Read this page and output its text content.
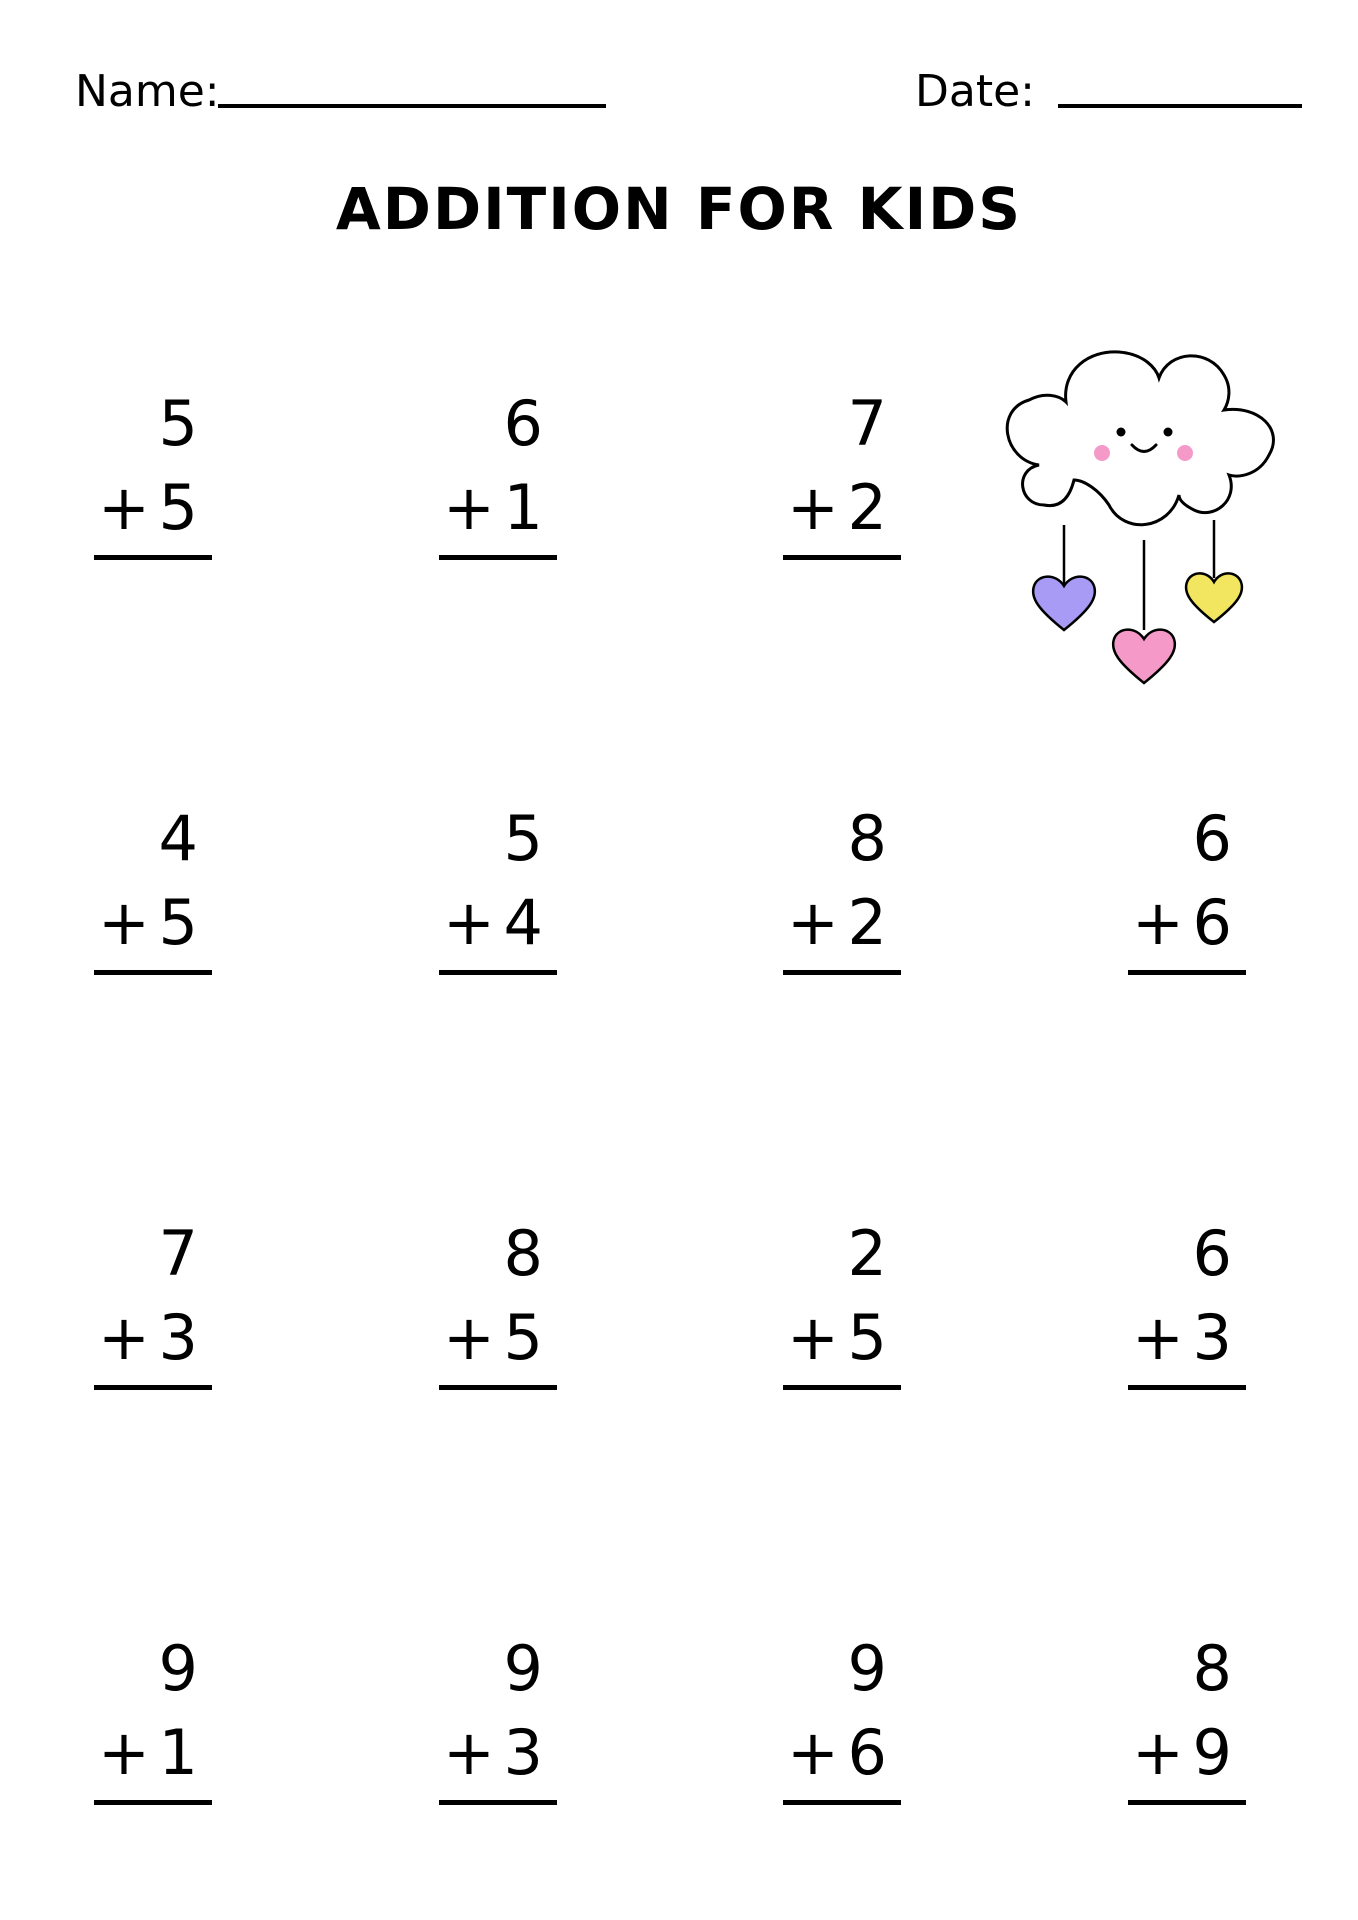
Name:	Date:
ADDITION FOR KIDS
5
+ 5
6
+ 1
7
+ 2
4
+ 5
5
+ 4
8
+ 2
6
+ 6
7
+ 3
8
+ 5
2
+ 5
6
+ 3
9
+ 1
9
+ 3
9
+ 6
8
+ 9
